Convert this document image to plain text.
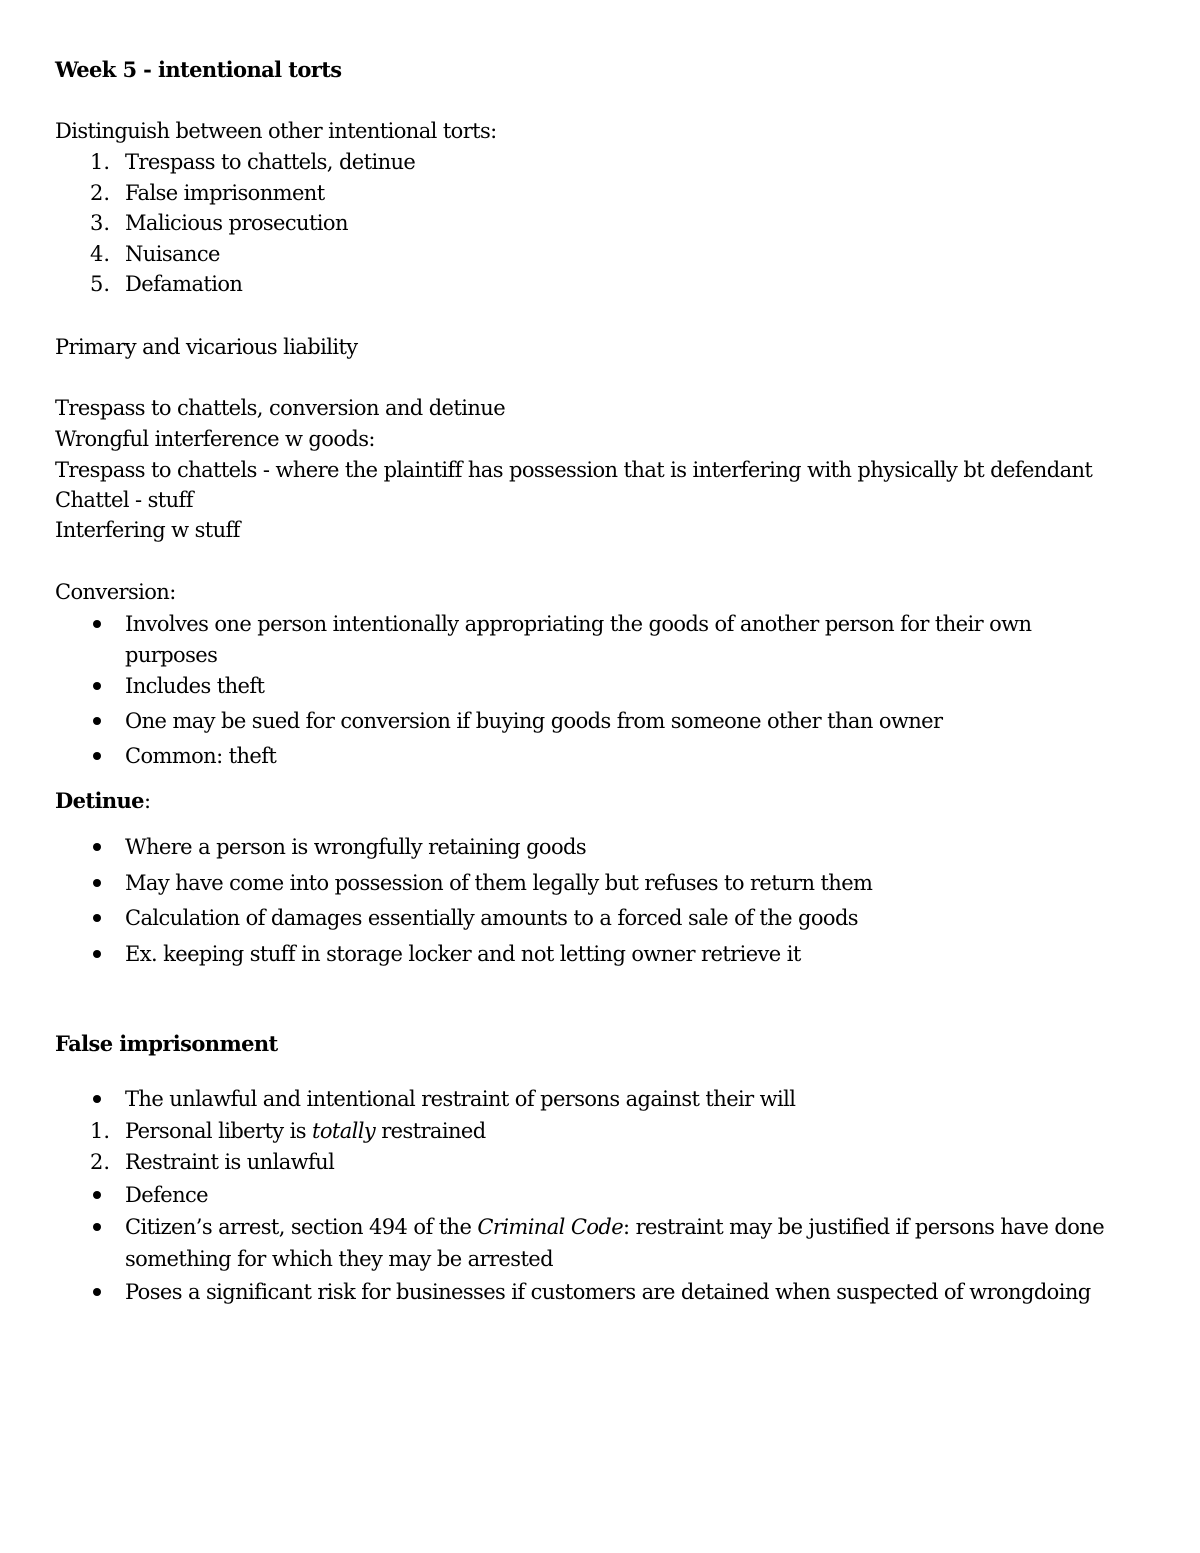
Week 5 - intentional torts
Distinguish between other intentional torts:
1. Trespass to chattels, detinue
2. False imprisonment
3. Malicious prosecution
4. Nuisance
5. Defamation
Primary and vicarious liability
Trespass to chattels, conversion and detinue
Wrongful interference w goods:
Trespass to chattels - where the plaintiff has possession that is interfering with physically bt defendant
Chattel - stuff
Interfering w stuff
Conversion:
Involves one person intentionally appropriating the goods of another person for their own
purposes
Includes theft
One may be sued for conversion if buying goods from someone other than owner
Common: theft
Detinue:
Where a person is wrongfully retaining goods
May have come into possession of them legally but refuses to return them
Calculation of damages essentially amounts to a forced sale of the goods
Ex. keeping stuff in storage locker and not letting owner retrieve it
False imprisonment
The unlawful and intentional restraint of persons against their will
1. Personal liberty is totally restrained
2. Restraint is unlawful
Defence
Citizen’s arrest, section 494 of the Criminal Code: restraint may be justified if persons have done
something for which they may be arrested
Poses a significant risk for businesses if customers are detained when suspected of wrongdoing
